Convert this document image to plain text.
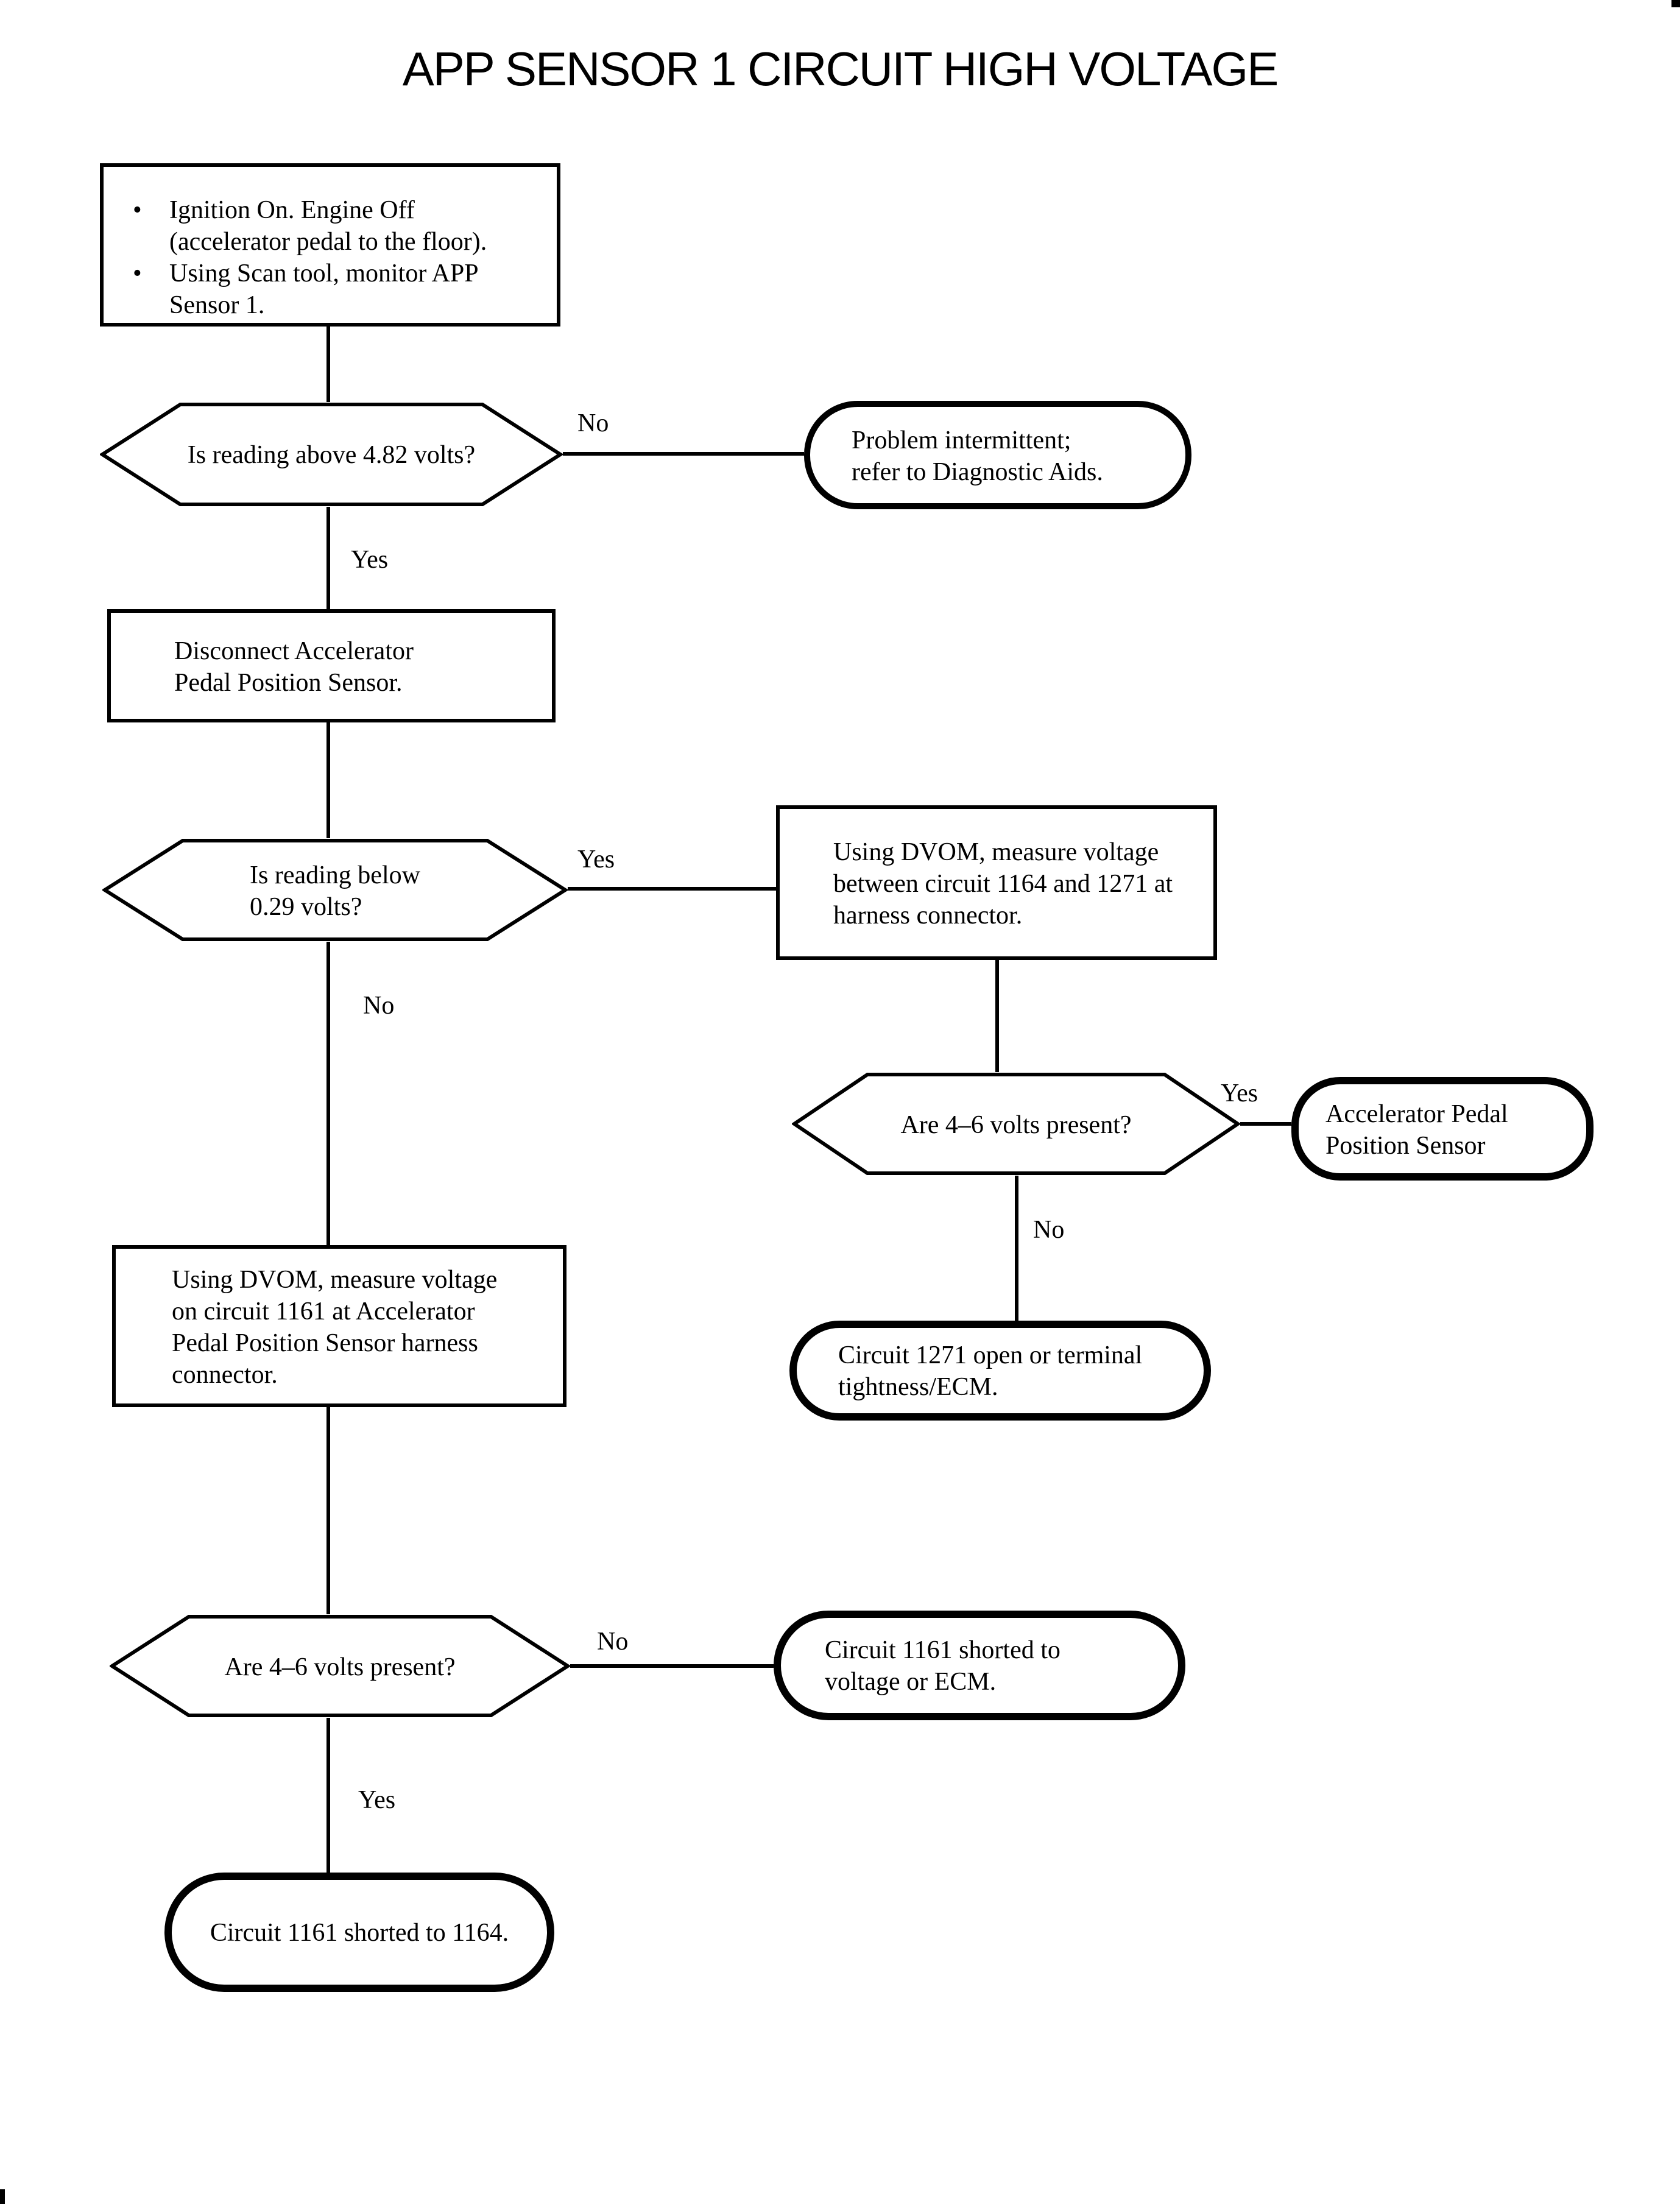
APP SENSOR 1 CIRCUIT HIGH VOLTAGE
No
Yes
Yes
No
Yes
No
No
Yes
•	Ignition On. Engine Off
(accelerator pedal to the floor).
•	Using Scan tool, monitor APP
Sensor 1.
Is reading above 4.82 volts?
Problem intermittent;
refer to Diagnostic Aids.
Disconnect Accelerator
Pedal Position Sensor.
Is reading below
0.29 volts?
Using DVOM, measure voltage
between circuit 1164 and 1271 at
harness connector.
Are 4–6 volts present?	Accelerator Pedal
Position Sensor
Circuit 1271 open or terminal
tightness/ECM.
Using DVOM, measure voltage
on circuit 1161 at Accelerator
Pedal Position Sensor harness
connector.
Are 4–6 volts present?
Circuit 1161 shorted to
voltage or ECM.
Circuit 1161 shorted to 1164.
